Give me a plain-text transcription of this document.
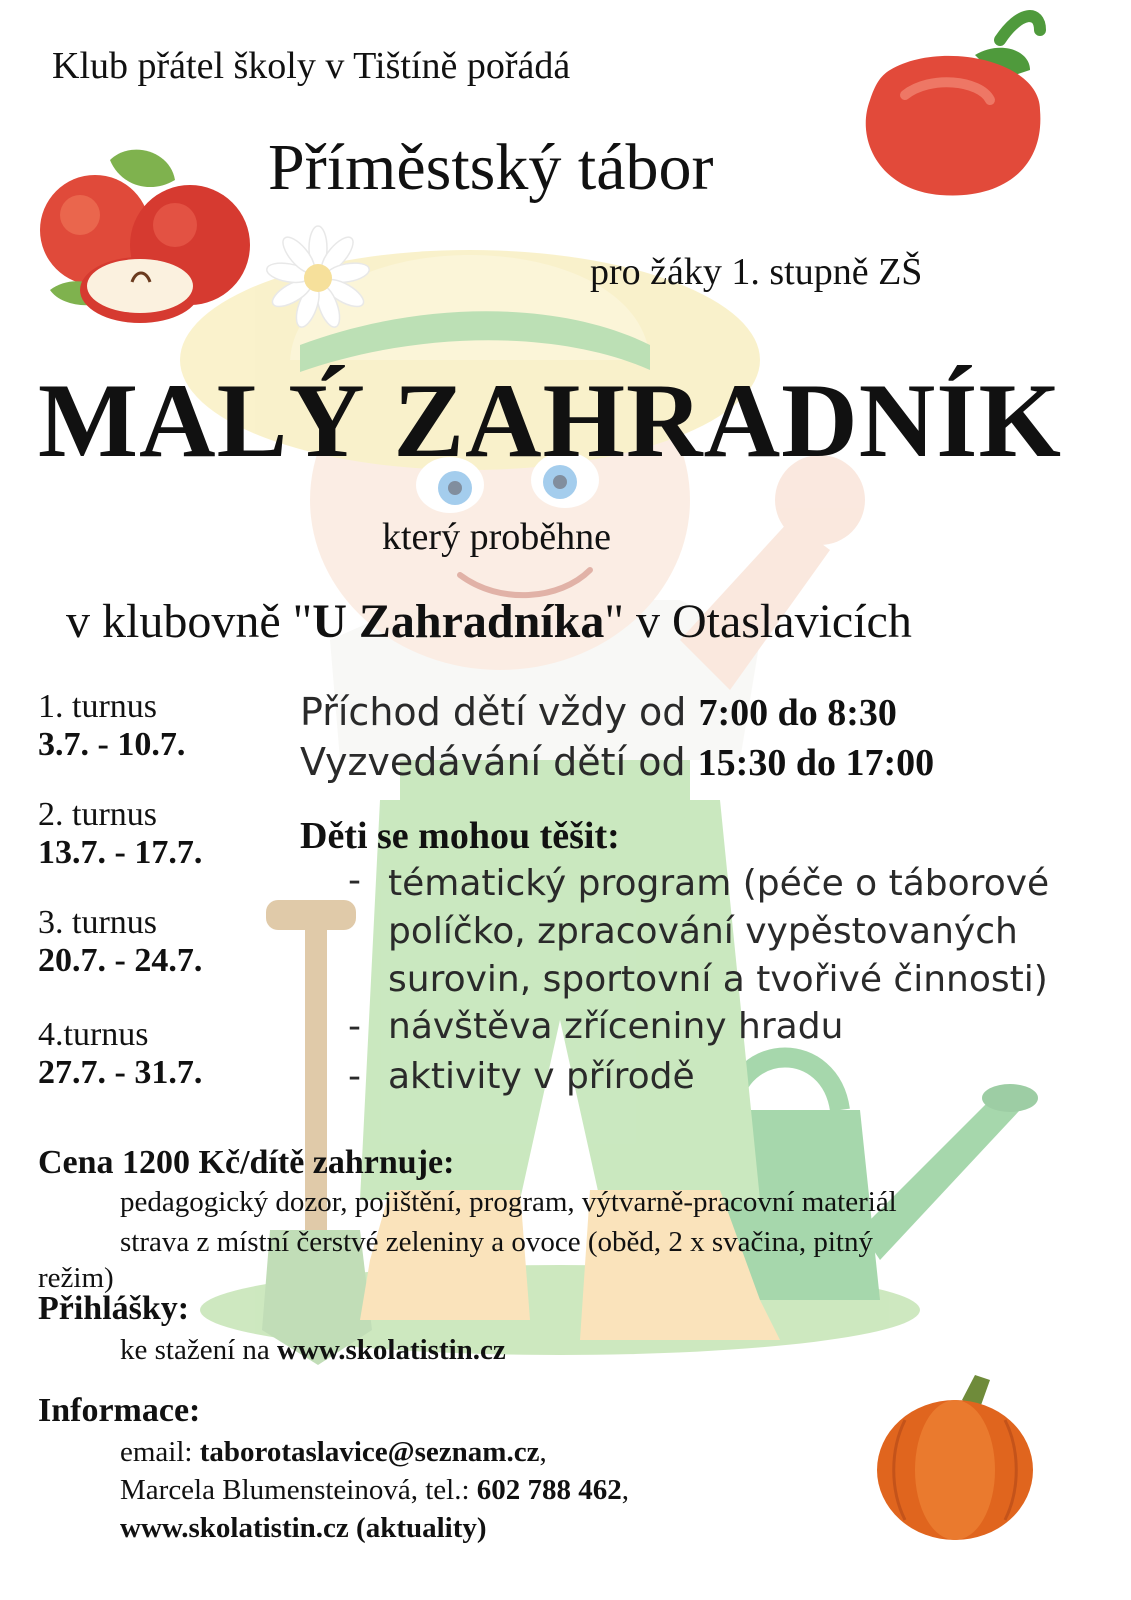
Klub přátel školy v Tištíně pořádá
Příměstský tábor
pro žáky 1. stupně ZŠ
MALÝ ZAHRADNÍK
který proběhne
v klubovně "U Zahradníka" v Otaslavicích
1. turnus
3.7. - 10.7.
2. turnus
13.7. - 17.7.
3. turnus
20.7. - 24.7.
4.turnus
27.7. - 31.7.
Příchod dětí vždy od 7:00 do 8:30
Vyzvedávání dětí od 15:30 do 17:00
Děti se mohou těšit:
- tématický program (péče o táborové
políčko, zpracování vypěstovaných
surovin, sportovní a tvořivé činnosti)
- návštěva zříceniny hradu
- aktivity v přírodě
Cena 1200 Kč/dítě zahrnuje:
pedagogický dozor, pojištění, program, výtvarně-pracovní materiál
strava z místní čerstvé zeleniny a ovoce (oběd, 2 x svačina, pitný
režim)
Přihlášky:
ke stažení na www.skolatistin.cz
Informace:
email: taborotaslavice@seznam.cz,
Marcela Blumensteinová, tel.: 602 788 462,
www.skolatistin.cz (aktuality)
